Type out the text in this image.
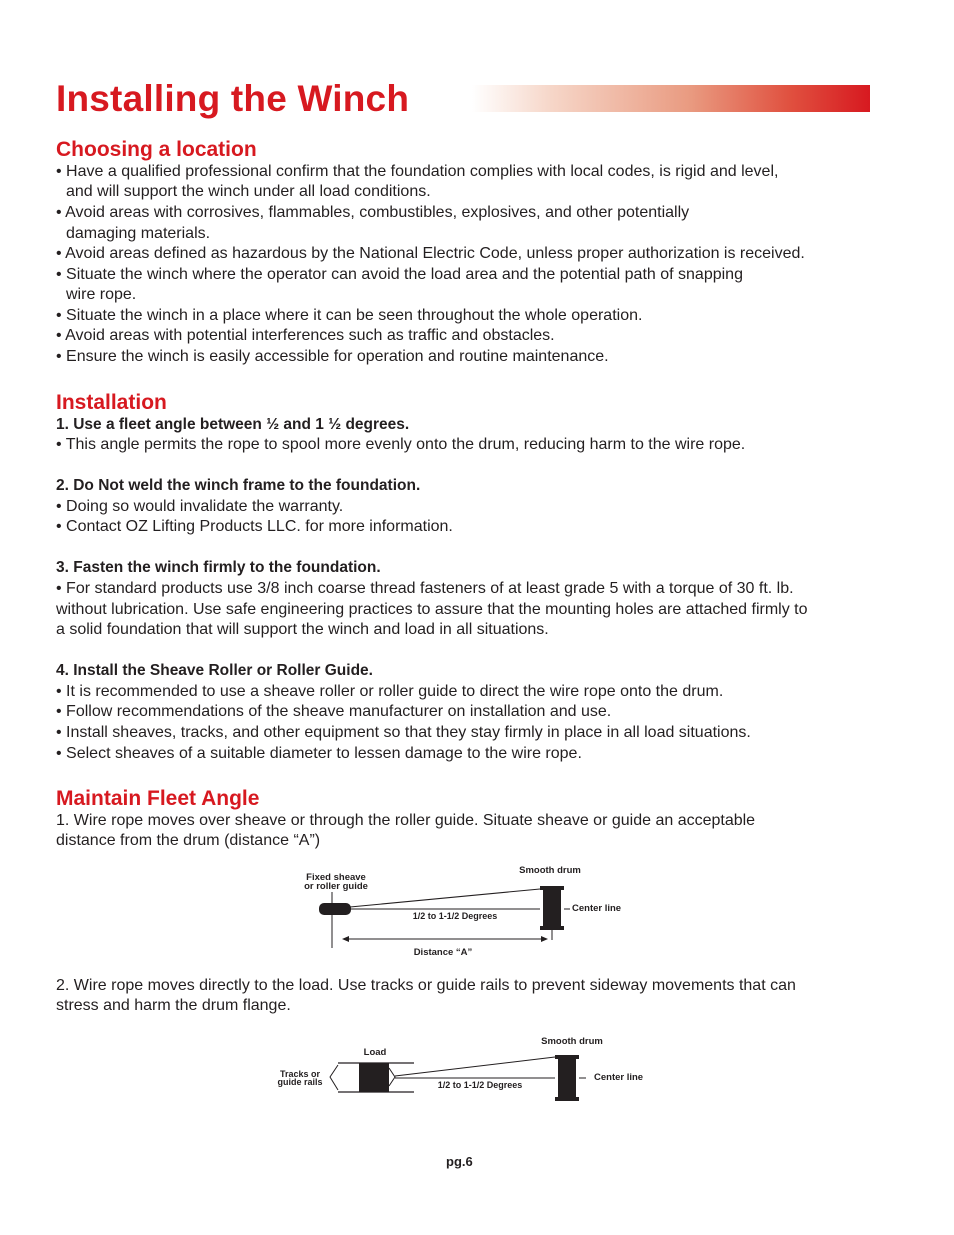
Installing the Winch
Choosing a location
• Have a qualified professional confirm that the foundation complies with local codes, is rigid and level,
and will support the winch under all load conditions.
• Avoid areas with corrosives, flammables, combustibles, explosives, and other potentially
damaging materials.
• Avoid areas defined as hazardous by the National Electric Code, unless proper authorization is received.
• Situate the winch where the operator can avoid the load area and the potential path of snapping
wire rope.
• Situate the winch in a place where it can be seen throughout the whole operation.
• Avoid areas with potential interferences such as traffic and obstacles.
• Ensure the winch is easily accessible for operation and routine maintenance.
Installation
1. Use a fleet angle between ½ and 1 ½ degrees.
• This angle permits the rope to spool more evenly onto the drum, reducing harm to the wire rope.
2. Do Not weld the winch frame to the foundation.
• Doing so would invalidate the warranty.
• Contact OZ Lifting Products LLC. for more information.
3. Fasten the winch firmly to the foundation.
• For standard products use 3/8 inch coarse thread fasteners of at least grade 5 with a torque of 30 ft. lb.
without lubrication. Use safe engineering practices to assure that the mounting holes are attached firmly to
a solid foundation that will support the winch and load in all situations.
4. Install the Sheave Roller or Roller Guide.
• It is recommended to use a sheave roller or roller guide to direct the wire rope onto the drum.
• Follow recommendations of the sheave manufacturer on installation and use.
• Install sheaves, tracks, and other equipment so that they stay firmly in place in all load situations.
• Select sheaves of a suitable diameter to lessen damage to the wire rope.
Maintain Fleet Angle
1. Wire rope moves over sheave or through the roller guide. Situate sheave or guide an acceptable
distance from the drum (distance “A”)
Fixed sheave
or roller guide
Smooth drum
1/2 to 1-1/2 Degrees
Center line
Distance “A”
2. Wire rope moves directly to the load. Use tracks or guide rails to prevent sideway movements that can
stress and harm the drum flange.
Load
Smooth drum
Tracks or
guide rails	1/2 to 1-1/2 Degrees
Center line
pg.6
